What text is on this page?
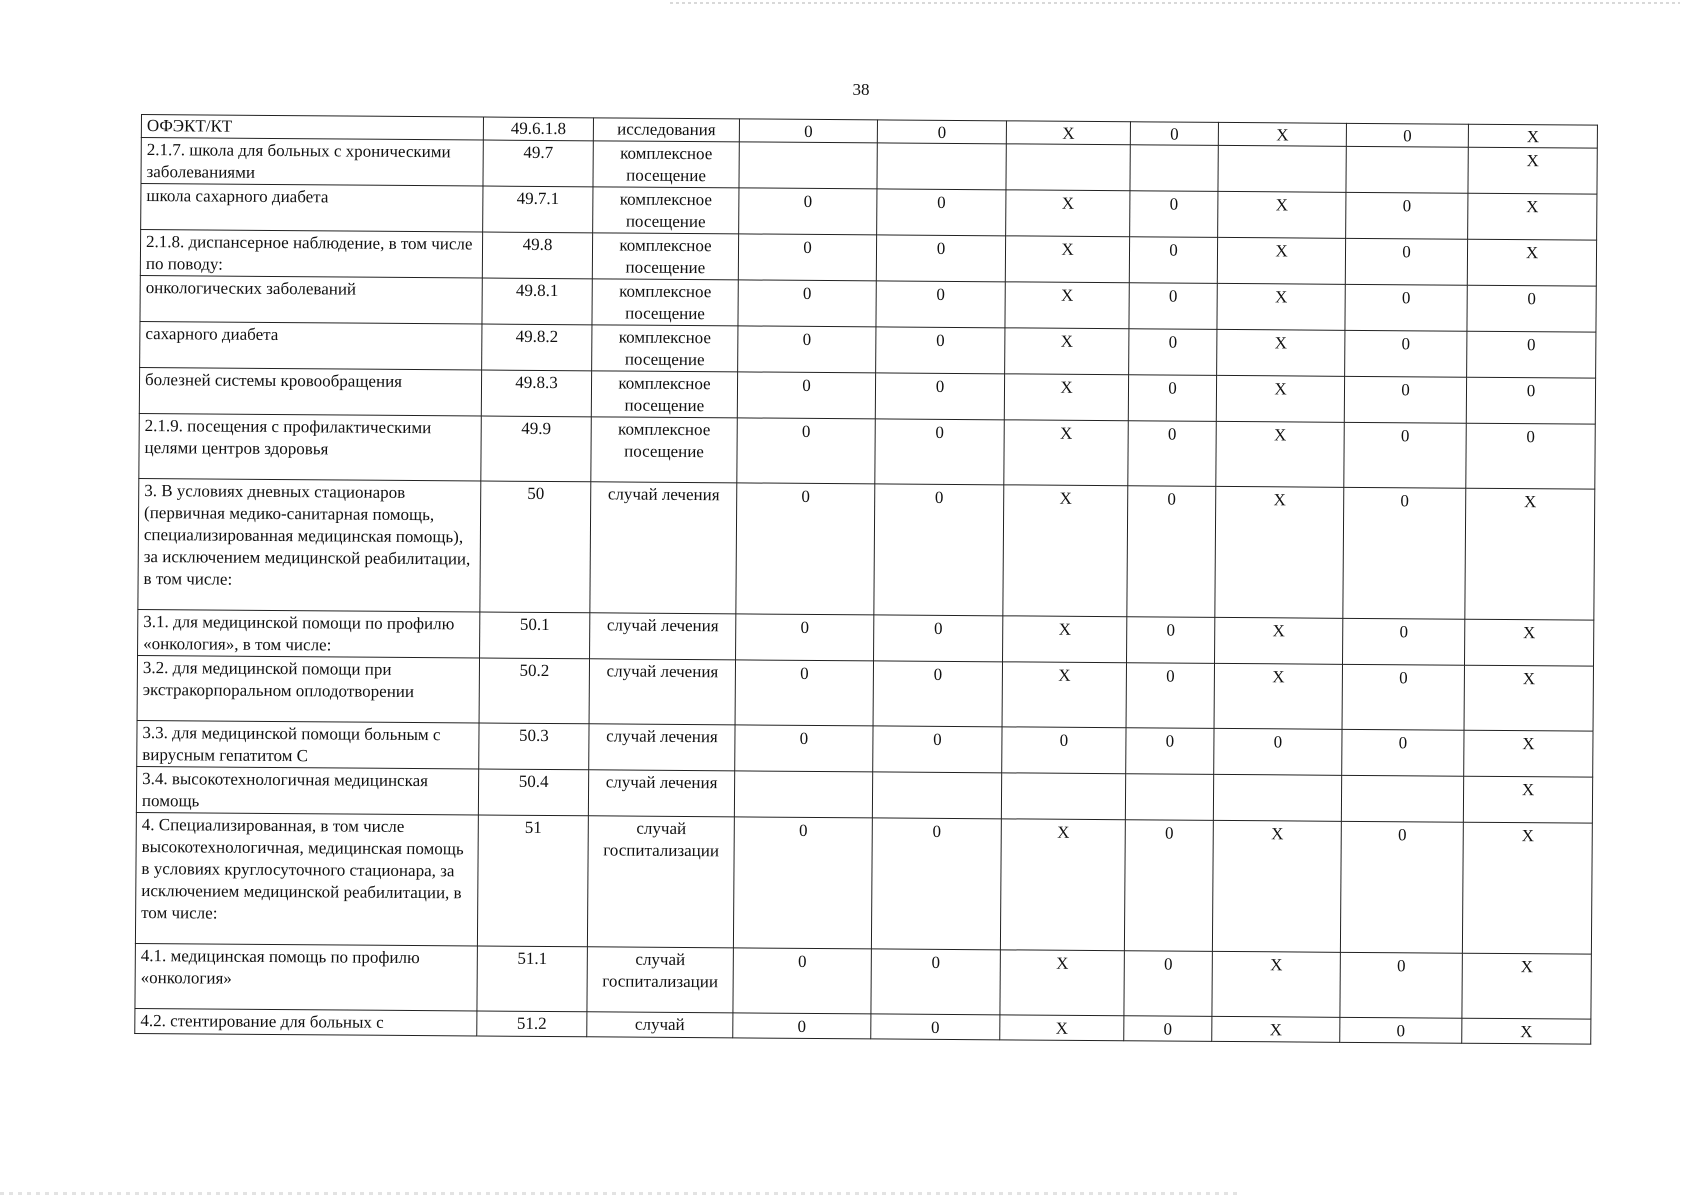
38
ОФЭКТ/КТ	49.6.1.8	исследования	0	0	X	0	X	0	X
2.1.7. школа для больных с хроническими заболеваниями	49.7	комплексное посещение							X
школа сахарного диабета	49.7.1	комплексное посещение	0	0	X	0	X	0	X
2.1.8. диспансерное наблюдение, в том числе по поводу:	49.8	комплексное посещение	0	0	X	0	X	0	X
онкологических заболеваний	49.8.1	комплексное посещение	0	0	X	0	X	0	0
сахарного диабета	49.8.2	комплексное посещение	0	0	X	0	X	0	0
болезней системы кровообращения	49.8.3	комплексное посещение	0	0	X	0	X	0	0
2.1.9. посещения с профилактическими целями центров здоровья	49.9	комплексное посещение	0	0	X	0	X	0	0
3. В условиях дневных стационаров (первичная медико-санитарная помощь, специализированная медицинская помощь), за исключением медицинской реабилитации, в том числе:	50	случай лечения	0	0	X	0	X	0	X
3.1. для медицинской помощи по профилю «онкология», в том числе:	50.1	случай лечения	0	0	X	0	X	0	X
3.2. для медицинской помощи при экстракорпоральном оплодотворении	50.2	случай лечения	0	0	X	0	X	0	X
3.3. для медицинской помощи больным с вирусным гепатитом С	50.3	случай лечения	0	0	0	0	0	0	X
3.4. высокотехнологичная медицинская помощь	50.4	случай лечения							X
4. Специализированная, в том числе высокотехнологичная, медицинская помощь в условиях круглосуточного стационара, за исключением медицинской реабилитации, в том числе:	51	случай госпитализации	0	0	X	0	X	0	X
4.1. медицинская помощь по профилю «онкология»	51.1	случай госпитализации	0	0	X	0	X	0	X
4.2. стентирование для больных с	51.2	случай	0	0	X	0	X	0	X
